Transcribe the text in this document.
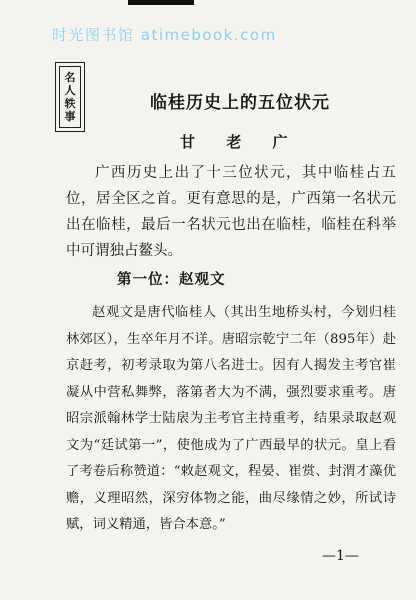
时光图书馆 atimebook.com
名
人
轶
事
临桂历史上的五位状元
甘 老 广

广西历史上出了十三位状元，其中临桂占五位，居全区之首。更有意思的是，广西第一名状元出在临桂，最后一名状元也出在临桂，临桂在科举中可谓独占鳌头。

第一位：赵观文

赵观文是唐代临桂人（其出生地桥头村，今划归桂林郊区），生卒年月不详。唐昭宗乾宁二年（895年）赴京赶考，初考录取为第八名进士。因有人揭发主考官崔凝从中营私舞弊，落第者大为不满，强烈要求重考。唐昭宗派翰林学士陆扆为主考官主持重考，结果录取赵观文为“廷试第一”，使他成为了广西最早的状元。皇上看了考卷后称赞道：“敕赵观文，程晏、崔赏、封渭才藻优赡，义理昭然，深穷体物之能，曲尽缘情之妙，所试诗赋，词义精通，皆合本意。”

—1—
